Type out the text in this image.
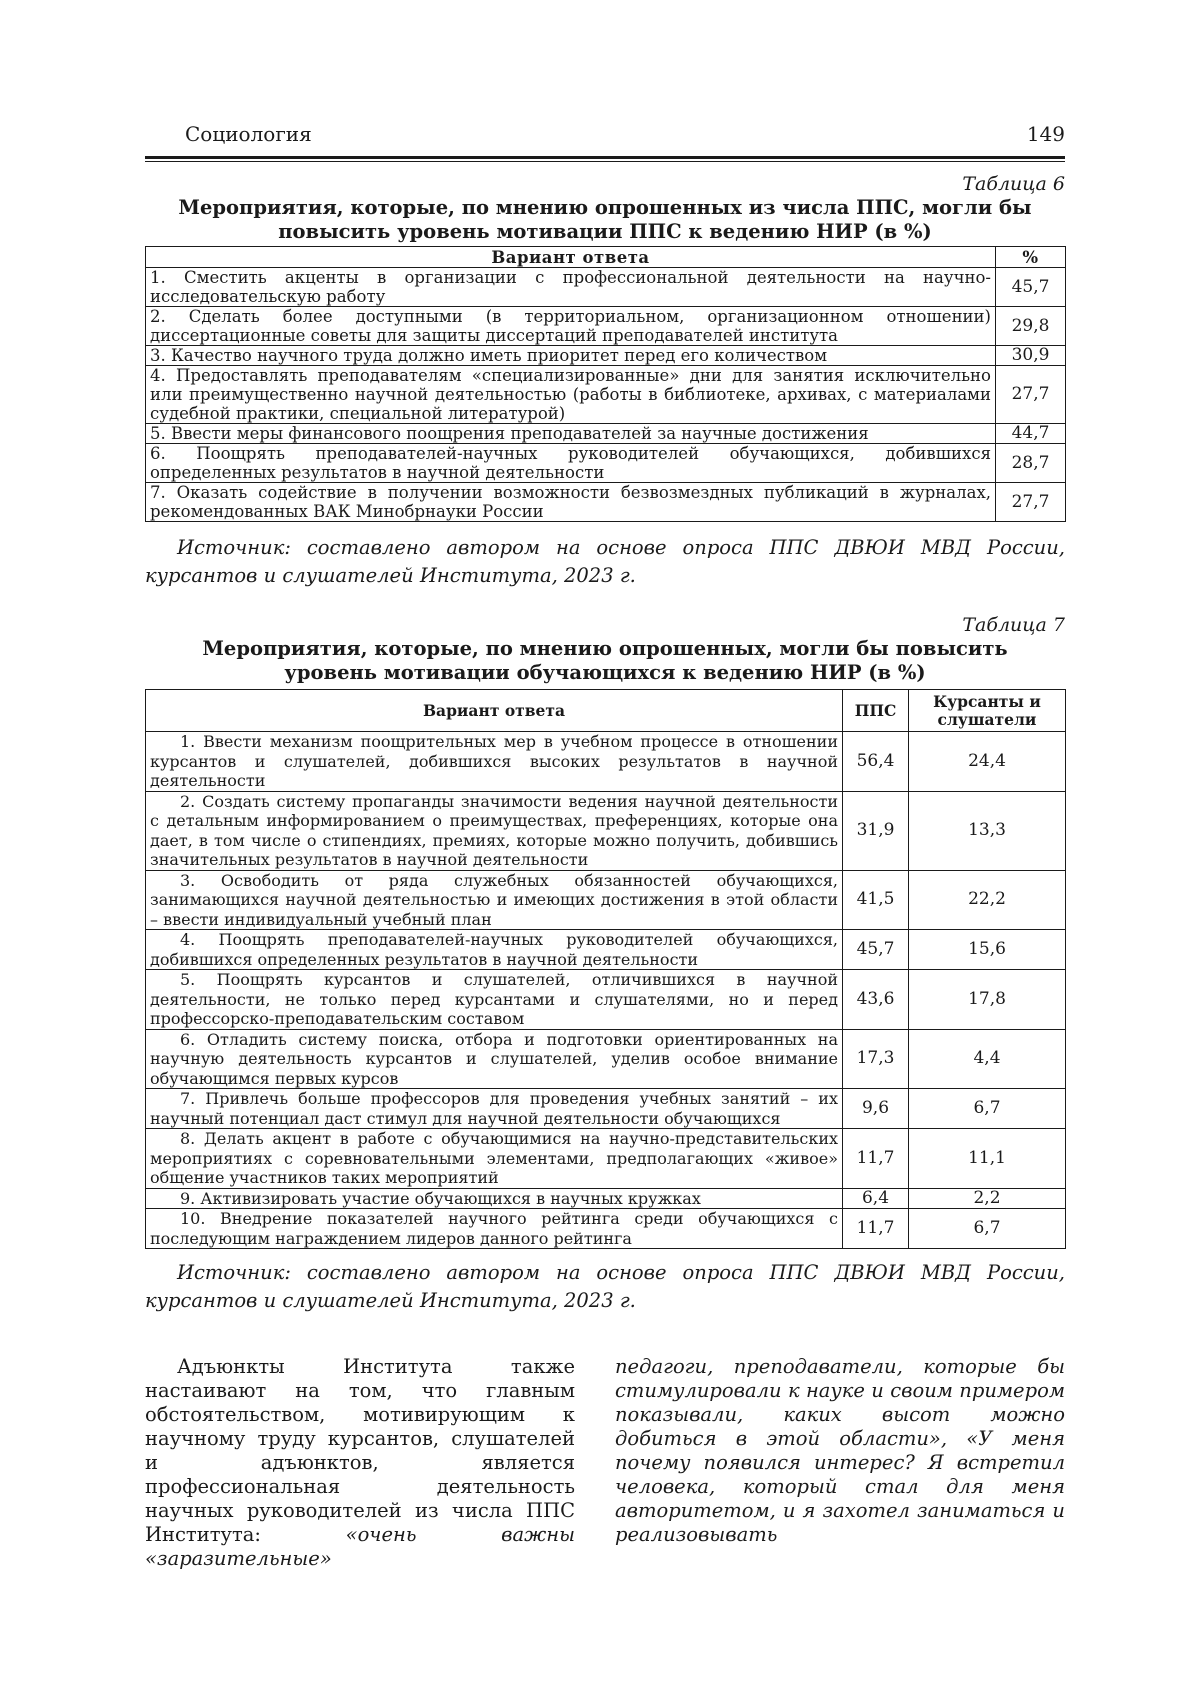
Социология	149
Таблица 6
Мероприятия, которые, по мнению опрошенных из числа ППС, могли бы
повысить уровень мотивации ППС к ведению НИР (в %)
Вариант ответа	%
1. Сместить акценты в организации с профессиональной деятельности на научно-исследовательскую работу	45,7
2. Сделать более доступными (в территориальном, организационном отношении) диссертационные советы для защиты диссертаций преподавателей института	29,8
3. Качество научного труда должно иметь приоритет перед его количеством	30,9
4. Предоставлять преподавателям «специализированные» дни для занятия исключительно или преимущественно научной деятельностью (работы в библиотеке, архивах, с материалами судебной практики, специальной литературой)	27,7
5. Ввести меры финансового поощрения преподавателей за научные достижения	44,7
6. Поощрять преподавателей-научных руководителей обучающихся, добившихся определенных результатов в научной деятельности	28,7
7. Оказать содействие в получении возможности безвозмездных публикаций в журналах, рекомендованных ВАК Минобрнауки России	27,7
Источник: составлено автором на основе опроса ППС ДВЮИ МВД России, курсантов и слушателей Института, 2023 г.
Таблица 7
Мероприятия, которые, по мнению опрошенных, могли бы повысить
уровень мотивации обучающихся к ведению НИР (в %)
Вариант ответа	ППС	Курсанты и слушатели
1. Ввести механизм поощрительных мер в учебном процессе в отношении курсантов и слушателей, добившихся высоких результатов в научной деятельности	56,4	24,4
2. Создать систему пропаганды значимости ведения научной деятельности с детальным информированием о преимуществах, преференциях, которые она дает, в том числе о стипендиях, премиях, которые можно получить, добившись значительных результатов в научной деятельности	31,9	13,3
3. Освободить от ряда служебных обязанностей обучающихся, занимающихся научной деятельностью и имеющих достижения в этой области – ввести индивидуальный учебный план	41,5	22,2
4. Поощрять преподавателей-научных руководителей обучающихся, добившихся определенных результатов в научной деятельности	45,7	15,6
5. Поощрять курсантов и слушателей, отличившихся в научной деятельности, не только перед курсантами и слушателями, но и перед профессорско-преподавательским составом	43,6	17,8
6. Отладить систему поиска, отбора и подготовки ориентированных на научную деятельность курсантов и слушателей, уделив особое внимание обучающимся первых курсов	17,3	4,4
7. Привлечь больше профессоров для проведения учебных занятий – их научный потенциал даст стимул для научной деятельности обучающихся	9,6	6,7
8. Делать акцент в работе с обучающимися на научно-представительских мероприятиях с соревновательными элементами, предполагающих «живое» общение участников таких мероприятий	11,7	11,1
9. Активизировать участие обучающихся в научных кружках	6,4	2,2
10. Внедрение показателей научного рейтинга среди обучающихся с последующим награждением лидеров данного рейтинга	11,7	6,7
Источник: составлено автором на основе опроса ППС ДВЮИ МВД России, курсантов и слушателей Института, 2023 г.
Адъюнкты Института также настаивают на том, что главным обстоятельством, мотивирующим к научному труду курсантов, слушателей и адъюнктов, является профессиональная деятельность научных руководителей из числа ППС Института:	«очень важны «заразительные»
педагоги, преподаватели, которые бы стимулировали к науке и своим примером показывали, каких высот можно добиться в этой области», «У меня почему появился интерес? Я встретил человека, который стал для меня авторитетом, и я захотел заниматься и реализовывать
